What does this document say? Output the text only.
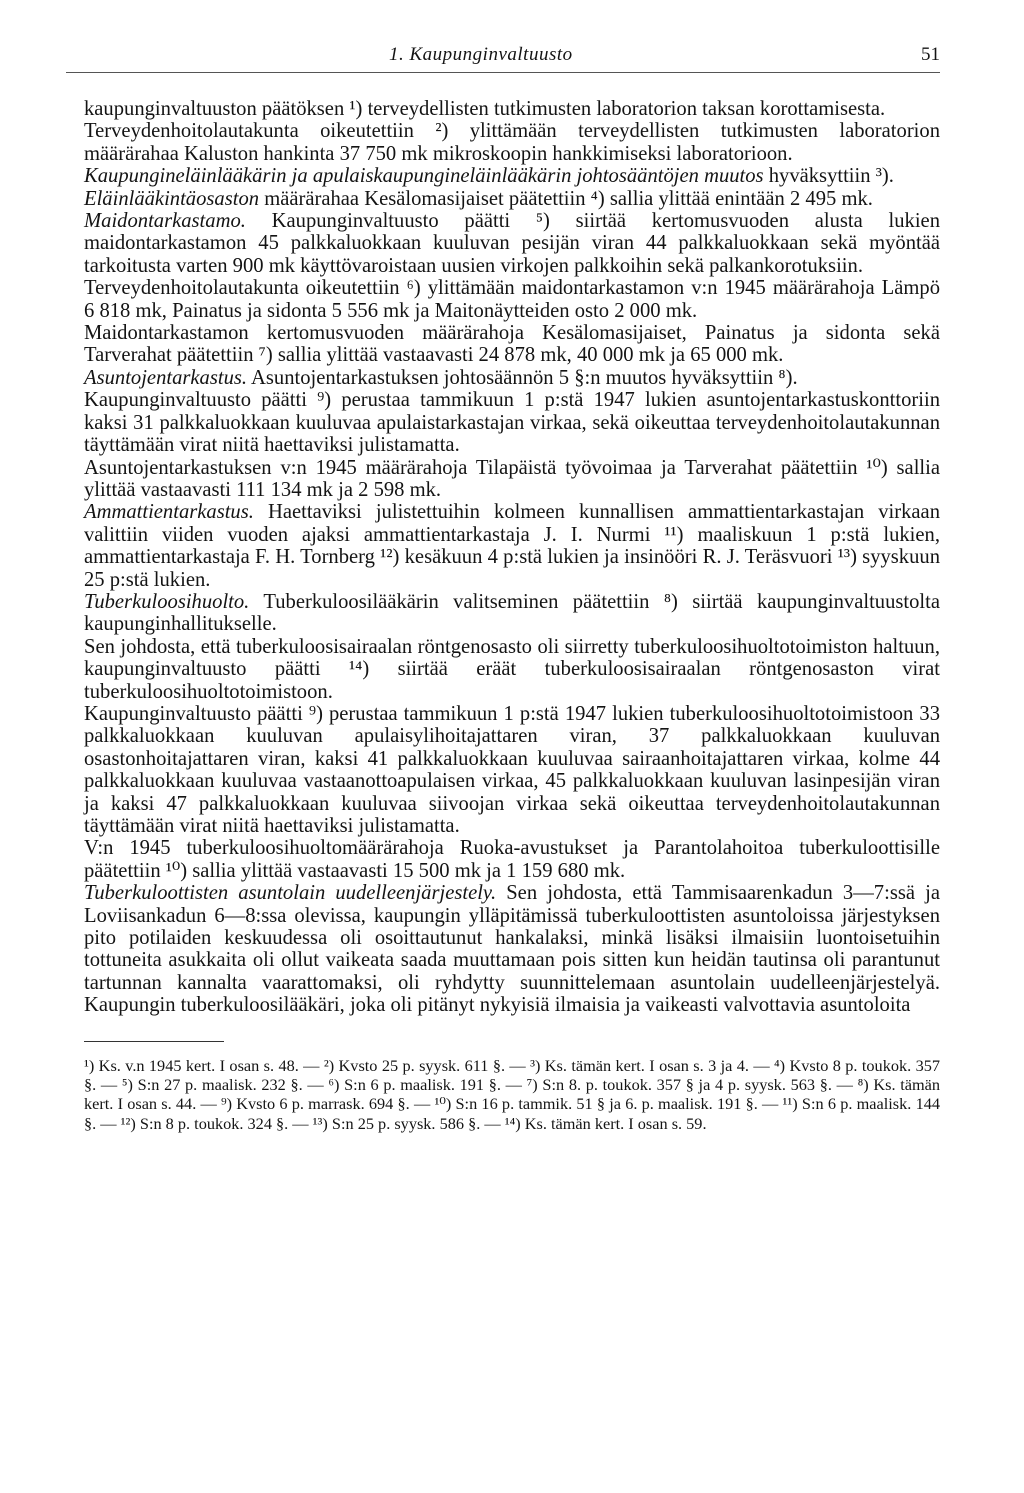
1. Kaupunginvaltuusto	51

kaupunginvaltuuston päätöksen ¹) terveydellisten tutkimusten laboratorion taksan korottamisesta.

Terveydenhoitolautakunta oikeutettiin ²) ylittämään terveydellisten tutkimusten laboratorion määrärahaa Kaluston hankinta 37 750 mk mikroskoopin hankkimiseksi laboratorioon.

Kaupungineläinlääkärin ja apulaiskaupungineläinlääkärin johtosääntöjen muutos hyväksyttiin ³).

Eläinlääkintäosaston määrärahaa Kesälomasijaiset päätettiin ⁴) sallia ylittää enintään 2 495 mk.

Maidontarkastamo. Kaupunginvaltuusto päätti ⁵) siirtää kertomusvuoden alusta lukien maidontarkastamon 45 palkkaluokkaan kuuluvan pesijän viran 44 palkkaluokkaan sekä myöntää tarkoitusta varten 900 mk käyttövaroistaan uusien virkojen palkkoihin sekä palkankorotuksiin.

Terveydenhoitolautakunta oikeutettiin ⁶) ylittämään maidontarkastamon v:n 1945 määrärahoja Lämpö 6 818 mk, Painatus ja sidonta 5 556 mk ja Maitonäytteiden osto 2 000 mk.

Maidontarkastamon kertomusvuoden määrärahoja Kesälomasijaiset, Painatus ja sidonta sekä Tarverahat päätettiin ⁷) sallia ylittää vastaavasti 24 878 mk, 40 000 mk ja 65 000 mk.

Asuntojentarkastus. Asuntojentarkastuksen johtosäännön 5 §:n muutos hyväksyttiin ⁸).

Kaupunginvaltuusto päätti ⁹) perustaa tammikuun 1 p:stä 1947 lukien asuntojentarkastuskonttoriin kaksi 31 palkkaluokkaan kuuluvaa apulaistarkastajan virkaa, sekä oikeuttaa terveydenhoitolautakunnan täyttämään virat niitä haettaviksi julistamatta.

Asuntojentarkastuksen v:n 1945 määrärahoja Tilapäistä työvoimaa ja Tarverahat päätettiin ¹⁰) sallia ylittää vastaavasti 111 134 mk ja 2 598 mk.

Ammattientarkastus. Haettaviksi julistettuihin kolmeen kunnallisen ammattientarkastajan virkaan valittiin viiden vuoden ajaksi ammattientarkastaja J. I. Nurmi ¹¹) maaliskuun 1 p:stä lukien, ammattientarkastaja F. H. Tornberg ¹²) kesäkuun 4 p:stä lukien ja insinööri R. J. Teräsvuori ¹³) syyskuun 25 p:stä lukien.

Tuberkuloosihuolto. Tuberkuloosilääkärin valitseminen päätettiin ⁸) siirtää kaupunginvaltuustolta kaupunginhallitukselle.

Sen johdosta, että tuberkuloosisairaalan röntgenosasto oli siirretty tuberkuloosihuoltotoimiston haltuun, kaupunginvaltuusto päätti ¹⁴) siirtää eräät tuberkuloosisairaalan röntgenosaston virat tuberkuloosihuoltotoimistoon.

Kaupunginvaltuusto päätti ⁹) perustaa tammikuun 1 p:stä 1947 lukien tuberkuloosihuoltotoimistoon 33 palkkaluokkaan kuuluvan apulaisylihoitajattaren viran, 37 palkkaluokkaan kuuluvan osastonhoitajattaren viran, kaksi 41 palkkaluokkaan kuuluvaa sairaanhoitajattaren virkaa, kolme 44 palkkaluokkaan kuuluvaa vastaanottoapulaisen virkaa, 45 palkkaluokkaan kuuluvan lasinpesijän viran ja kaksi 47 palkkaluokkaan kuuluvaa siivoojan virkaa sekä oikeuttaa terveydenhoitolautakunnan täyttämään virat niitä haettaviksi julistamatta.

V:n 1945 tuberkuloosihuoltomäärärahoja Ruoka-avustukset ja Parantolahoitoa tuberkuloottisille päätettiin ¹⁰) sallia ylittää vastaavasti 15 500 mk ja 1 159 680 mk.

Tuberkuloottisten asuntolain uudelleenjärjestely. Sen johdosta, että Tammisaarenkadun 3—7:ssä ja Loviisankadun 6—8:ssa olevissa, kaupungin ylläpitämissä tuberkuloottisten asuntoloissa järjestyksen pito potilaiden keskuudessa oli osoittautunut hankalaksi, minkä lisäksi ilmaisiin luontoisetuihin tottuneita asukkaita oli ollut vaikeata saada muuttamaan pois sitten kun heidän tautinsa oli parantunut tartunnan kannalta vaarattomaksi, oli ryhdytty suunnittelemaan asuntolain uudelleenjärjestelyä. Kaupungin tuberkuloosilääkäri, joka oli pitänyt nykyisiä ilmaisia ja vaikeasti valvottavia asuntoloita

¹) Ks. v.n 1945 kert. I osan s. 48. — ²) Kvsto 25 p. syysk. 611 §. — ³) Ks. tämän kert. I osan s. 3 ja 4. — ⁴) Kvsto 8 p. toukok. 357 §. — ⁵) S:n 27 p. maalisk. 232 §. — ⁶) S:n 6 p. maalisk. 191 §. — ⁷) S:n 8. p. toukok. 357 § ja 4 p. syysk. 563 §. — ⁸) Ks. tämän kert. I osan s. 44. — ⁹) Kvsto 6 p. marrask. 694 §. — ¹⁰) S:n 16 p. tammik. 51 § ja 6. p. maalisk. 191 §. — ¹¹) S:n 6 p. maalisk. 144 §. — ¹²) S:n 8 p. toukok. 324 §. — ¹³) S:n 25 p. syysk. 586 §. — ¹⁴) Ks. tämän kert. I osan s. 59.
